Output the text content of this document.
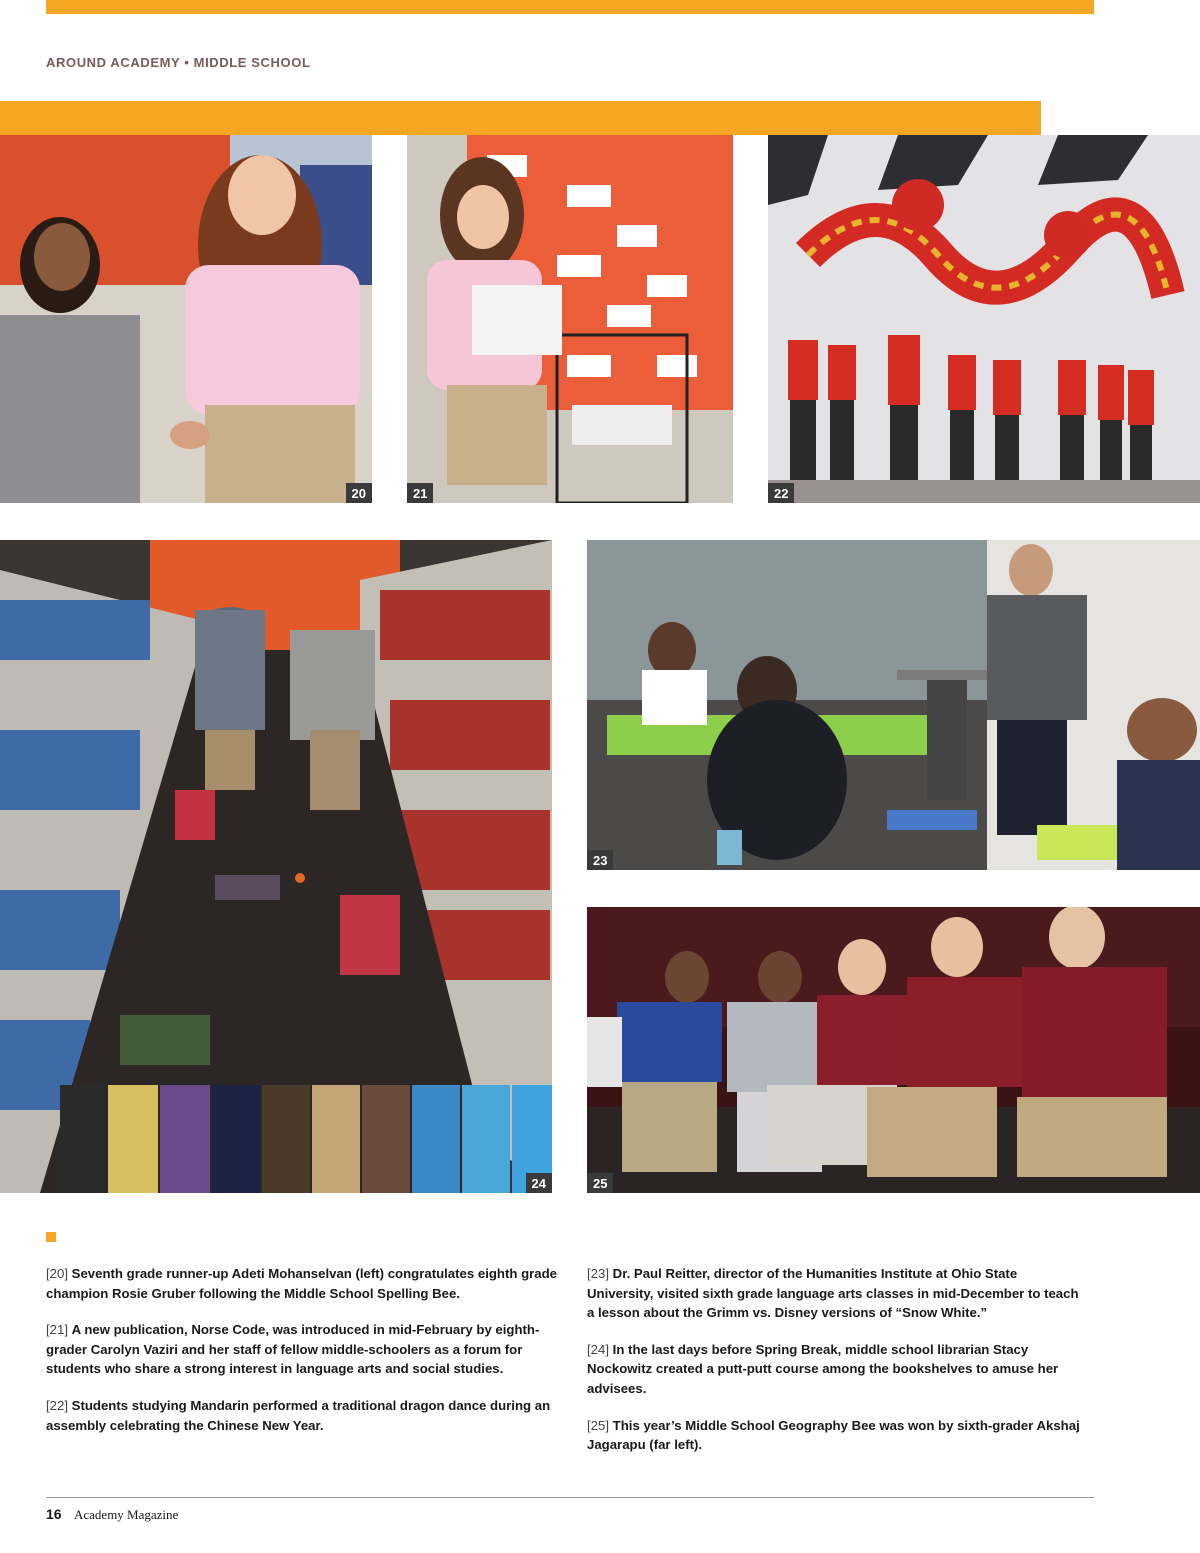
AROUND ACADEMY • MIDDLE SCHOOL
20	21	22
24
23
25

[20] Seventh grade runner-up Adeti Mohanselvan (left) congratulates eighth grade champion Rosie Gruber following the Middle School Spelling Bee.

[21] A new publication, Norse Code, was introduced in mid-February by eighth-grader Carolyn Vaziri and her staff of fellow middle-schoolers as a forum for students who share a strong interest in language arts and social studies.

[22] Students studying Mandarin performed a traditional dragon dance during an assembly celebrating the Chinese New Year.

[23] Dr. Paul Reitter, director of the Humanities Institute at Ohio State University, visited sixth grade language arts classes in mid-December to teach a lesson about the Grimm vs. Disney versions of “Snow White.”

[24] In the last days before Spring Break, middle school librarian Stacy Nockowitz created a putt-putt course among the bookshelves to amuse her advisees.

[25] This year’s Middle School Geography Bee was won by sixth-grader Akshaj Jagarapu (far left).

16 Academy Magazine
